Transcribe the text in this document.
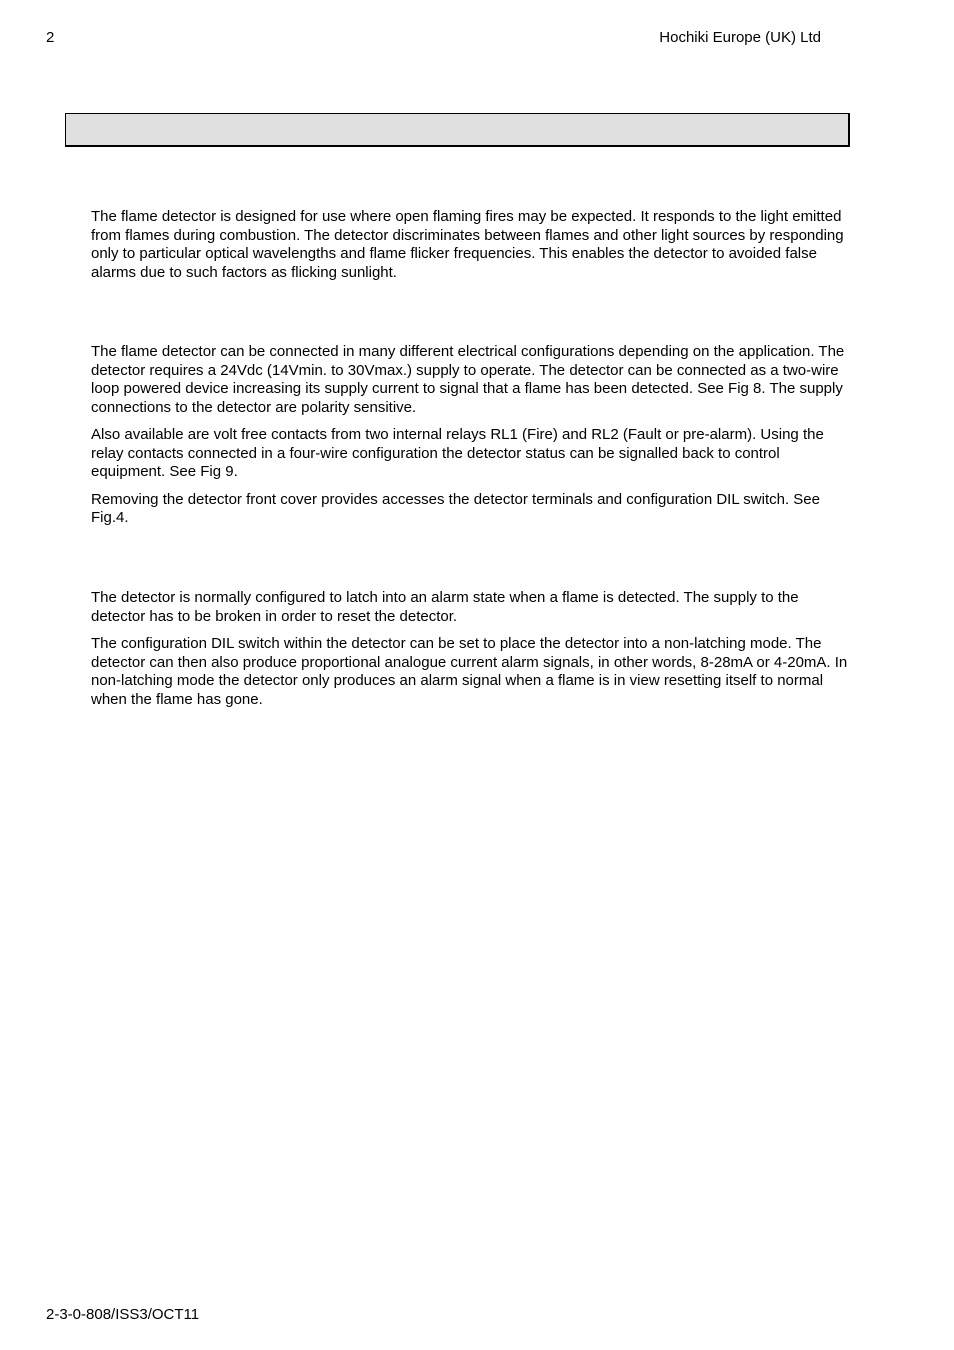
2	Hochiki Europe (UK) Ltd

The flame detector is designed for use where open flaming fires may be expected. It responds to the light emitted from flames during combustion. The detector discriminates between flames and other light sources by responding only to particular optical wavelengths and flame flicker frequencies. This enables the detector to avoided false alarms due to such factors as flicking sunlight.

The flame detector can be connected in many different electrical configurations depending on the application. The detector requires a 24Vdc (14Vmin. to 30Vmax.) supply to operate. The detector can be connected as a two-wire loop powered device increasing its supply current to signal that a flame has been detected. See Fig 8. The supply connections to the detector are polarity sensitive.

Also available are volt free contacts from two internal relays RL1 (Fire) and RL2 (Fault or pre-alarm). Using the relay contacts connected in a four-wire configuration the detector status can be signalled back to control equipment. See Fig 9.

Removing the detector front cover provides accesses the detector terminals and configuration DIL switch. See Fig.4.

The detector is normally configured to latch into an alarm state when a flame is detected. The supply to the detector has to be broken in order to reset the detector.

The configuration DIL switch within the detector can be set to place the detector into a non-latching mode. The detector can then also produce proportional analogue current alarm signals, in other words, 8-28mA or 4-20mA. In non-latching mode the detector only produces an alarm signal when a flame is in view resetting itself to normal when the flame has gone.

2-3-0-808/ISS3/OCT11
